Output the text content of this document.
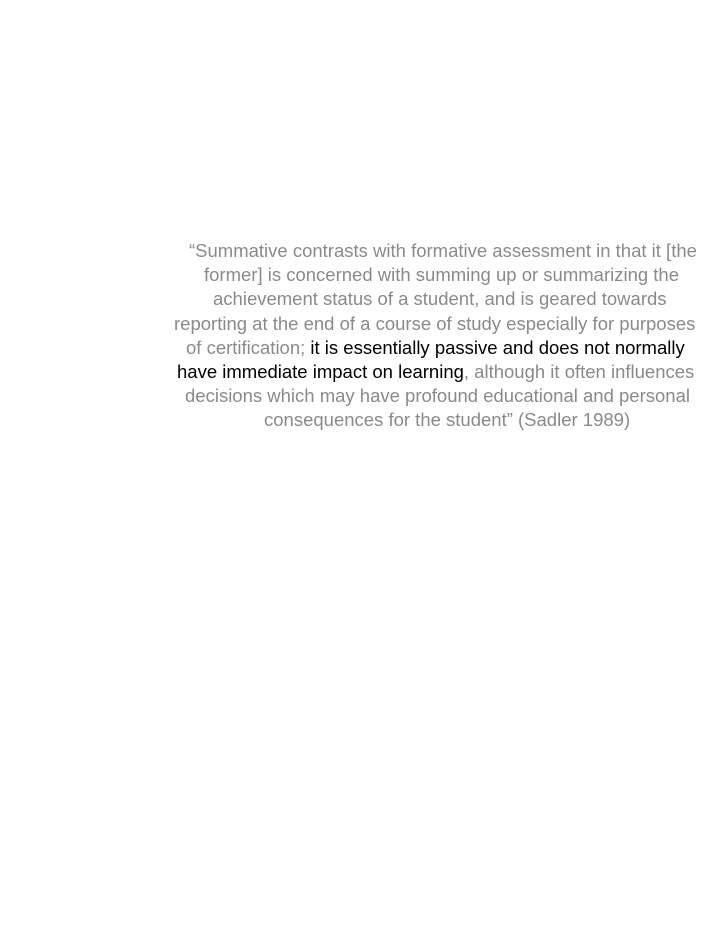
“Summative contrasts with formative assessment in that it [the
former] is concerned with summing up or summarizing the
achievement status of a student, and is geared towards
reporting at the end of a course of study especially for purposes
of certification; it is essentially passive and does not normally
have immediate impact on learning, although it often influences
decisions which may have profound educational and personal
consequences for the student” (Sadler 1989)
